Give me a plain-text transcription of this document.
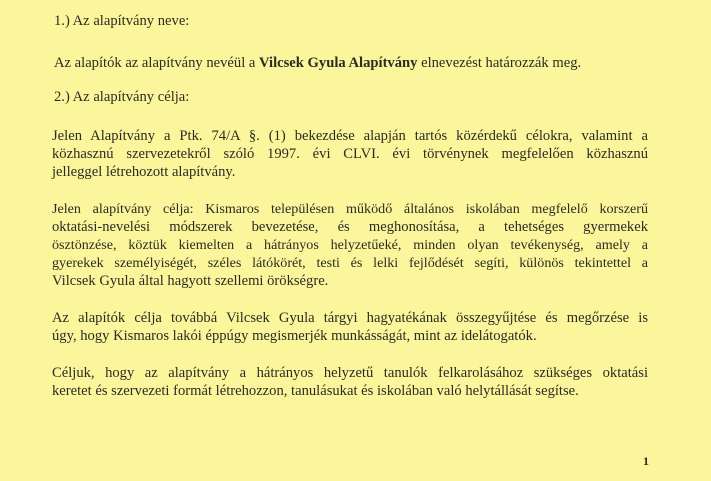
1.) Az alapítvány neve:
Az alapítók az alapítvány nevéül a Vilcsek Gyula Alapítvány elnevezést határozzák meg.
2.) Az alapítvány célja:
Jelen Alapítvány a Ptk. 74/A §. (1) bekezdése alapján tartós közérdekű célokra, valamint a
közhasznú szervezetekről szóló 1997. évi CLVI. évi törvénynek megfelelően közhasznú
jelleggel létrehozott alapítvány.
Jelen alapítvány célja: Kismaros településen működő általános iskolában megfelelő korszerű
oktatási-nevelési módszerek bevezetése, és meghonosítása, a tehetséges gyermekek
ösztönzése, köztük kiemelten a hátrányos helyzetűeké, minden olyan tevékenység, amely a
gyerekek személyiségét, széles látókörét, testi és lelki fejlődését segíti, különös tekintettel a
Vilcsek Gyula által hagyott szellemi örökségre.
Az alapítók célja továbbá Vilcsek Gyula tárgyi hagyatékának összegyűjtése és megőrzése is
úgy, hogy Kismaros lakói éppúgy megismerjék munkásságát, mint az idelátogatók.
Céljuk, hogy az alapítvány a hátrányos helyzetű tanulók felkarolásához szükséges oktatási
keretet és szervezeti formát létrehozzon, tanulásukat és iskolában való helytállását segítse.
1
